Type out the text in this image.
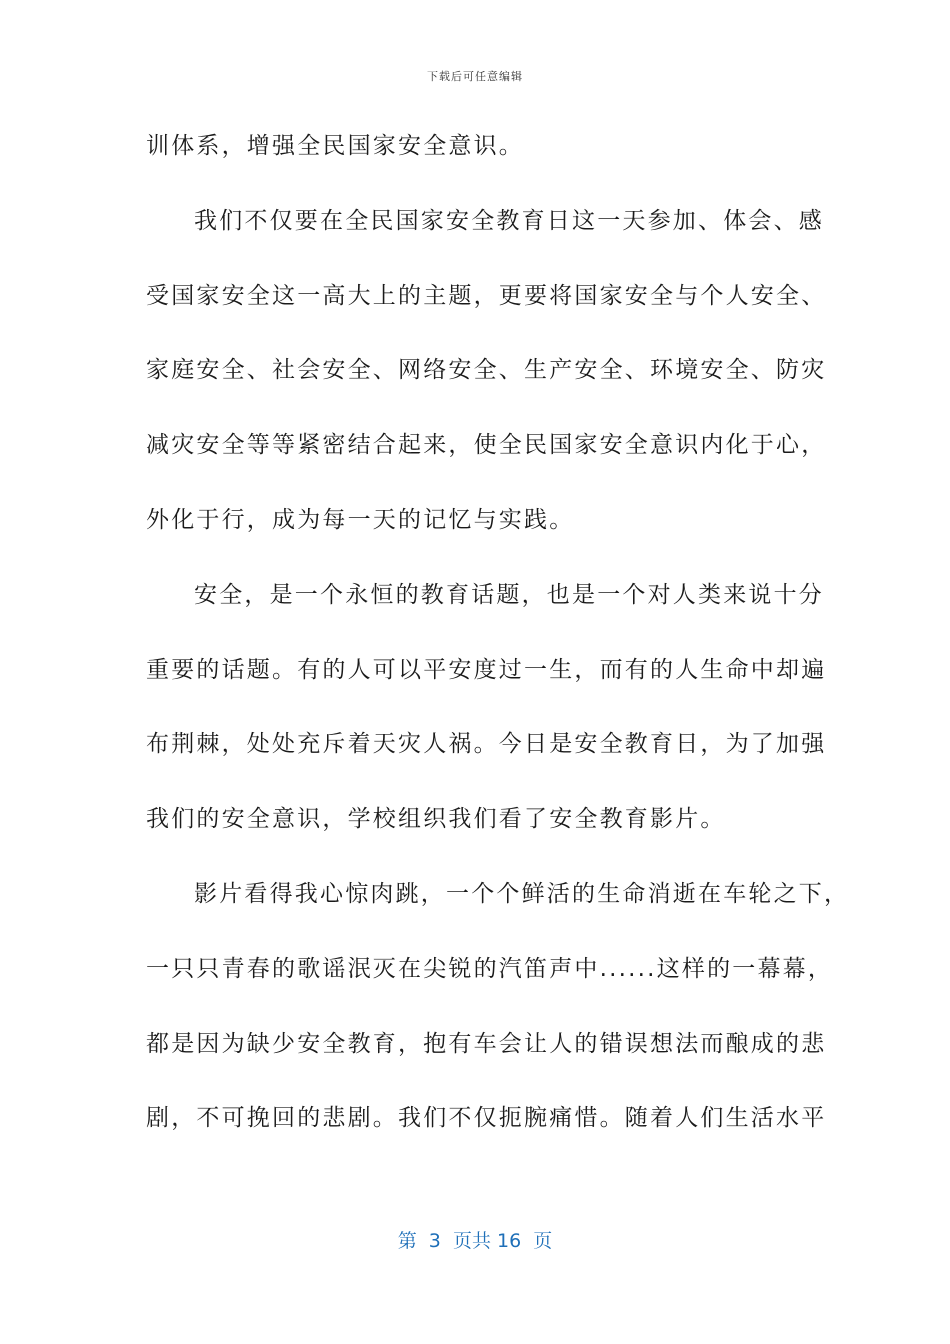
下载后可任意编辑
训体系，增强全民国家安全意识。
我们不仅要在全民国家安全教育日这一天参加、体会、感
受国家安全这一高大上的主题，更要将国家安全与个人安全、
家庭安全、社会安全、网络安全、生产安全、环境安全、防灾
减灾安全等等紧密结合起来，使全民国家安全意识内化于心，
外化于行，成为每一天的记忆与实践。
安全，是一个永恒的教育话题，也是一个对人类来说十分
重要的话题。有的人可以平安度过一生，而有的人生命中却遍
布荆棘，处处充斥着天灾人祸。今日是安全教育日，为了加强
我们的安全意识，学校组织我们看了安全教育影片。
影片看得我心惊肉跳，一个个鲜活的生命消逝在车轮之下，
一只只青春的歌谣泯灭在尖锐的汽笛声中......这样的一幕幕，
都是因为缺少安全教育，抱有车会让人的错误想法而酿成的悲
剧，不可挽回的悲剧。我们不仅扼腕痛惜。随着人们生活水平
第  3  页共 16  页
